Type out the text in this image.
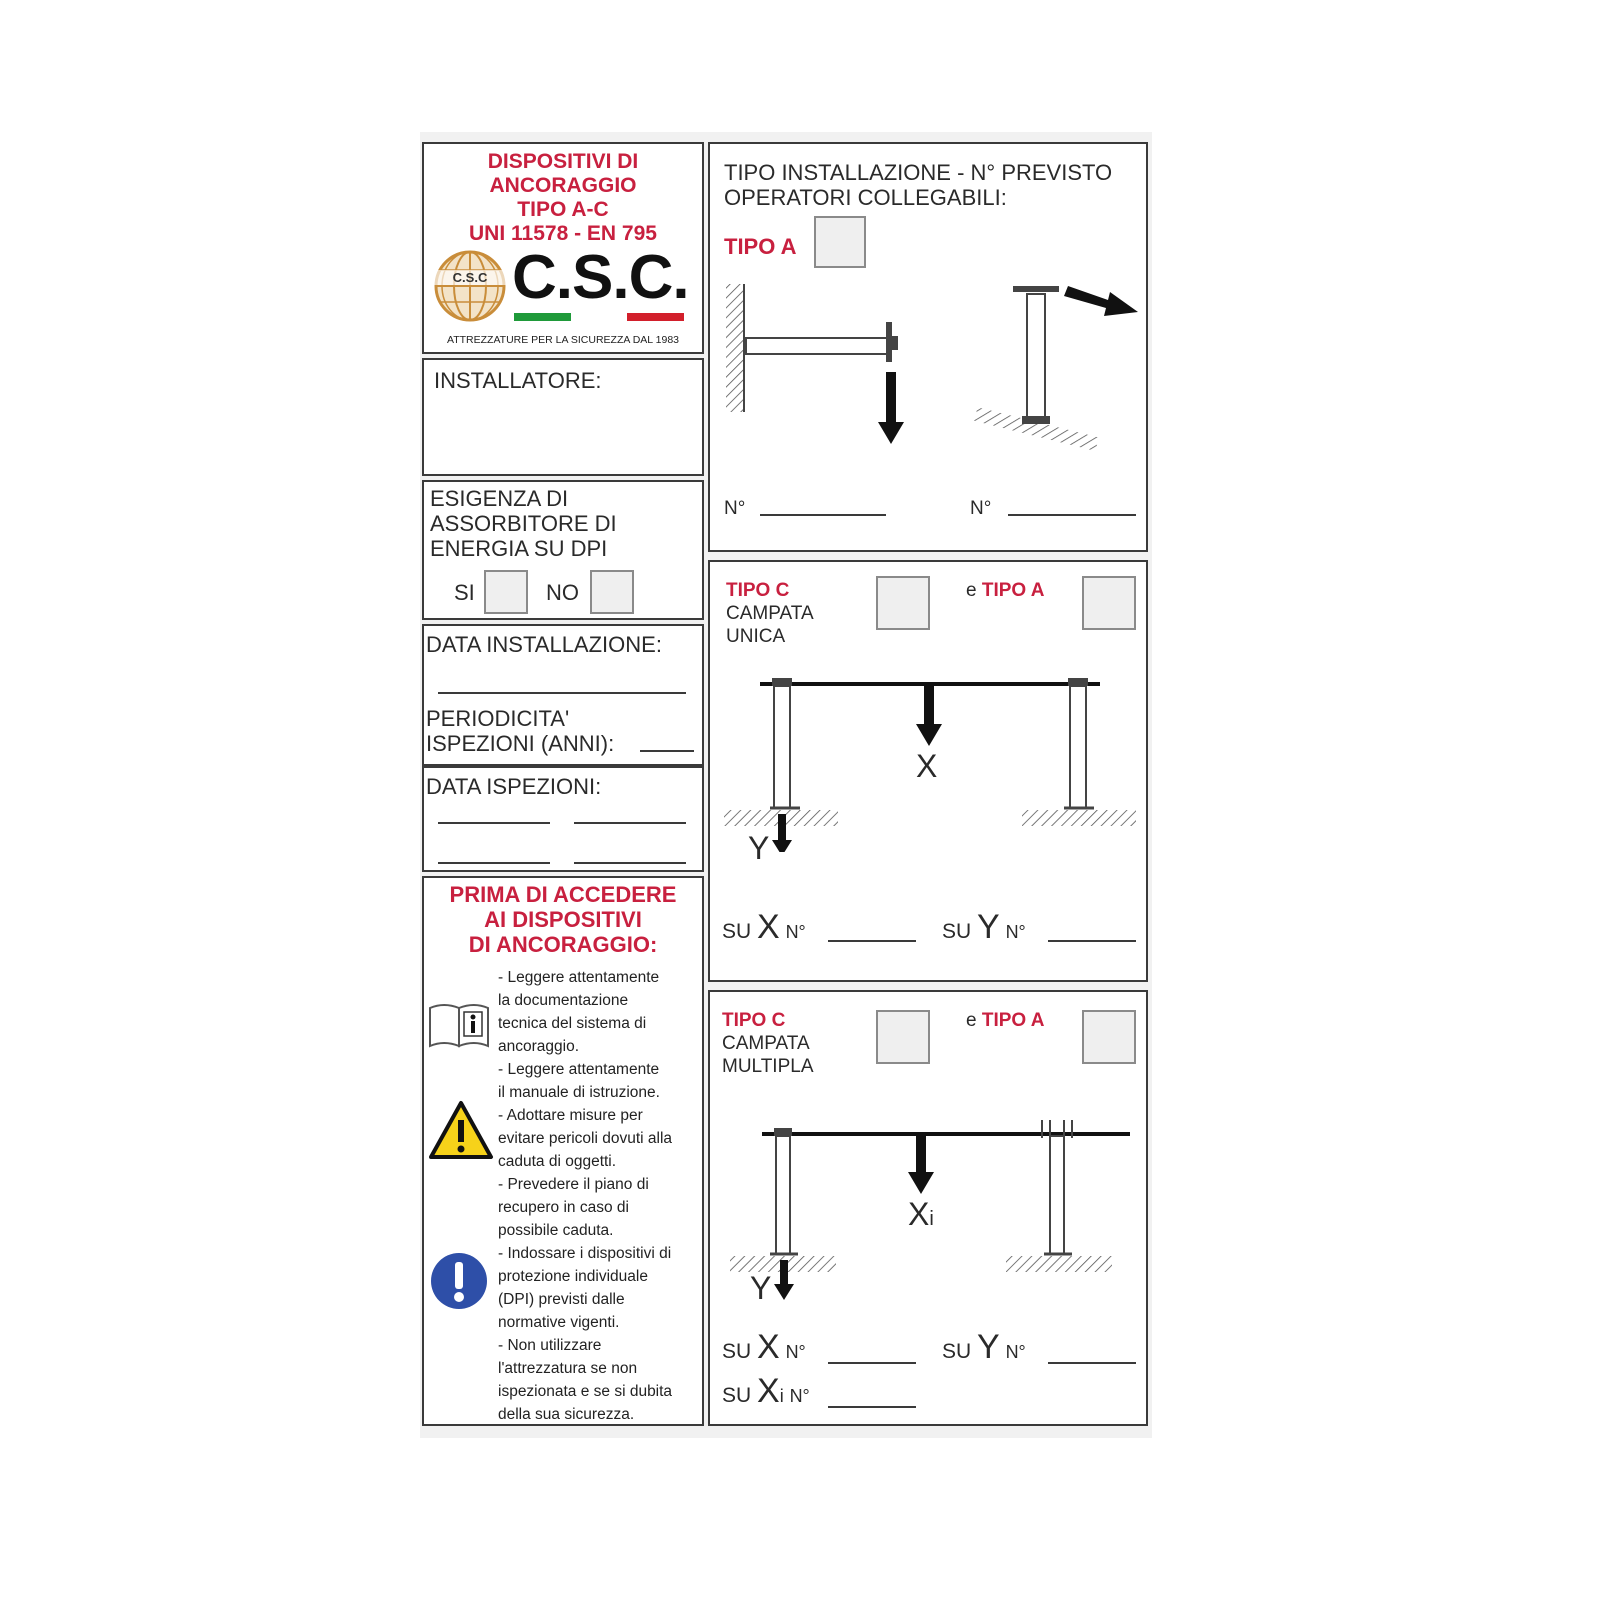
DISPOSITIVI DI
ANCORAGGIO
TIPO A-C
UNI 11578 - EN 795
C.S.C C.S.C.
ATTREZZATURE PER LA SICUREZZA DAL 1983
INSTALLATORE:
ESIGENZA DI
ASSORBITORE DI
ENERGIA SU DPI
SI	NO
DATA INSTALLAZIONE:
PERIODICITA'
ISPEZIONI (ANNI):
DATA ISPEZIONI:
PRIMA DI ACCEDERE
AI DISPOSITIVI
DI ANCORAGGIO:
- Leggere attentamente
la documentazione
tecnica del sistema di
ancoraggio.
- Leggere attentamente
il manuale di istruzione.
- Adottare misure per
evitare pericoli dovuti alla
caduta di oggetti.
- Prevedere il piano di
recupero in caso di
possibile caduta.
- Indossare i dispositivi di
protezione individuale
(DPI) previsti dalle
normative vigenti.
- Non utilizzare
l'attrezzatura se non
ispezionata e se si dubita
della sua sicurezza.
TIPO INSTALLAZIONE - N° PREVISTO
OPERATORI COLLEGABILI:
TIPO A
N°	N°
TIPO C
CAMPATA
UNICA
e TIPO A
X
Y
SU X N°	SU Y N°
TIPO C
CAMPATA
MULTIPLA
e TIPO A
Xi
Y
SU X N°	SU Y N°
SU Xi N°
